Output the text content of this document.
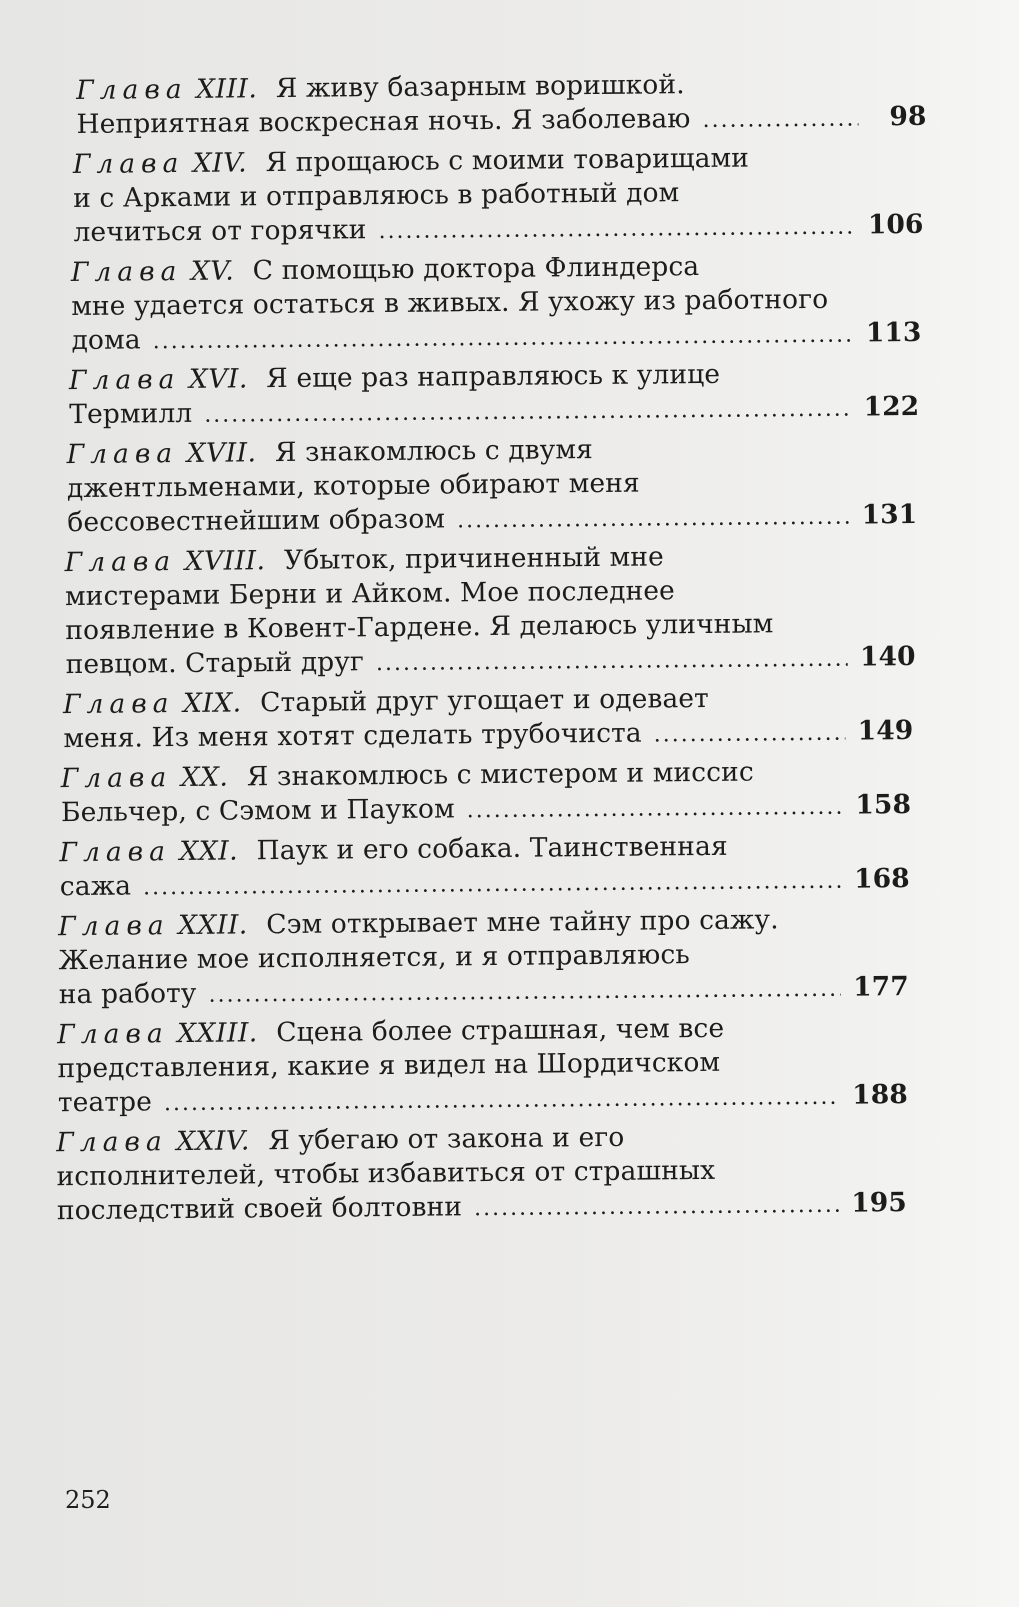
Глава XIII. Я живу базарным воришкой.
Неприятная воскресная ночь. Я заболеваю .....	98
Глава XIV. Я прощаюсь с моими товарищами
и с Арками и отправляюсь в работный дом
лечиться от горячки .....	106
Глава XV. С помощью доктора Флиндерса
мне удается остаться в живых. Я ухожу из работного
дома .....	113
Глава XVI. Я еще раз направляюсь к улице
Термилл .....	122
Глава XVII. Я знакомлюсь с двумя
джентльменами, которые обирают меня
бессовестнейшим образом .....	131
Глава XVIII. Убыток, причиненный мне
мистерами Берни и Айком. Мое последнее
появление в Ковент-Гардене. Я делаюсь уличным
певцом. Старый друг .....	140
Глава XIX. Старый друг угощает и одевает
меня. Из меня хотят сделать трубочиста .....	149
Глава XX. Я знакомлюсь с мистером и миссис
Бельчер, с Сэмом и Пауком .....	158
Глава XXI. Паук и его собака. Таинственная
сажа .....	168
Глава XXII. Сэм открывает мне тайну про сажу.
Желание мое исполняется, и я отправляюсь
на работу .....	177
Глава XXIII. Сцена более страшная, чем все
представления, какие я видел на Шордичском
театре .....	188
Глава XXIV. Я убегаю от закона и его
исполнителей, чтобы избавиться от страшных
последствий своей болтовни .....	195
252
